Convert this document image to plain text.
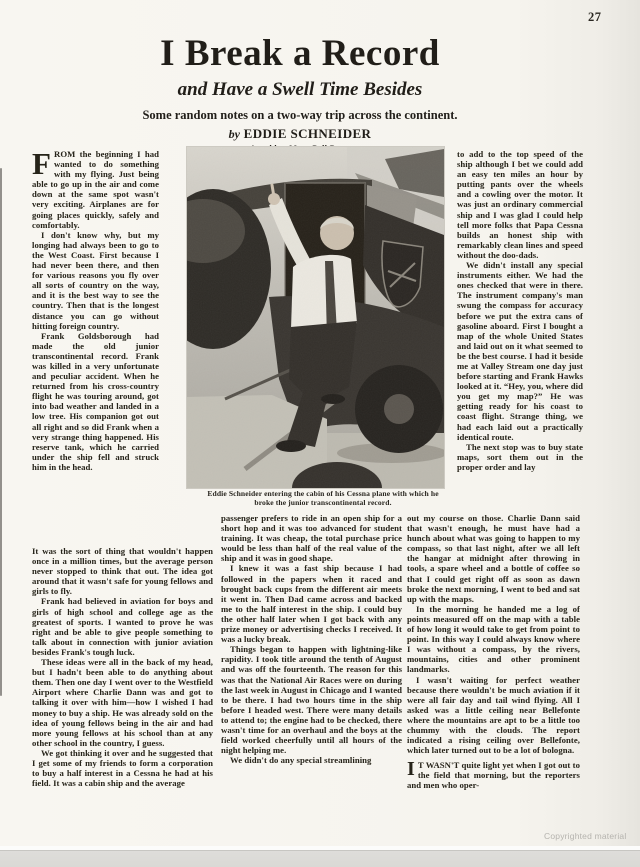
27
I Break a Record
and Have a Swell Time Besides
Some random notes on a two-way trip across the continent.
by EDDIE SCHNEIDER

FROM the beginning I had wanted to do something with my flying. Just being able to go up in the air and come down at the same spot wasn't very exciting. Airplanes are for going places quickly, safely and comfortably.

I don't know why, but my longing had always been to go to the West Coast. First because I had never been there, and then for various reasons you fly over all sorts of country on the way, and it is the best way to see the country. Then that is the longest distance you can go without hitting foreign country.

Frank Goldsborough had made the old junior transcontinental record. Frank was killed in a very unfortunate and peculiar accident. When he returned from his cross-country flight he was touring around, got into bad weather and landed in a low tree. His companion got out all right and so did Frank when a very strange thing happened. His reserve tank, which he carried under the ship fell and struck him in the head.

Eddie Schneider entering the cabin of his Cessna plane with which he
broke the junior transcontinental record.

It was the sort of thing that wouldn't happen once in a million times, but the average person never stopped to think that out. The idea got around that it wasn't safe for young fellows and girls to fly.

Frank had believed in aviation for boys and girls of high school and college age as the greatest of sports. I wanted to prove he was right and be able to give people something to talk about in connection with junior aviation besides Frank's tough luck.

These ideas were all in the back of my head, but I hadn't been able to do anything about them. Then one day I went over to the Westfield Airport where Charlie Dann was and got to talking it over with him—how I wished I had money to buy a ship. He was already sold on the idea of young fellows being in the air and had more young fellows at his school than at any other school in the country, I guess.

We got thinking it over and he suggested that I get some of my friends to form a corporation to buy a half interest in a Cessna he had at his field. It was a cabin ship and the average

passenger prefers to ride in an open ship for a short hop and it was too advanced for student training. It was cheap, the total purchase price would be less than half of the real value of the ship and it was in good shape.

I knew it was a fast ship because I had followed in the papers when it raced and brought back cups from the different air meets it went in. Then Dad came across and backed me to the half interest in the ship. I could buy the other half later when I got back with any prize money or advertising checks I received. It was a lucky break.

Things began to happen with lightning-like rapidity. I took title around the tenth of August and was off the fourteenth. The reason for this was that the National Air Races were on during the last week in August in Chicago and I wanted to be there. I had two hours time in the ship before I headed west. There were many details to attend to; the engine had to be checked, there wasn't time for an overhaul and the boys at the field worked cheerfully until all hours of the night helping me.

We didn't do any special streamlining

to add to the top speed of the ship although I bet we could add an easy ten miles an hour by putting pants over the wheels and a cowling over the motor. It was just an ordinary commercial ship and I was glad I could help tell more folks that Papa Cessna builds an honest ship with remarkably clean lines and speed without the doo-dads.

We didn't install any special instruments either. We had the ones checked that were in there. The instrument company's man swung the compass for accuracy before we put the extra cans of gasoline aboard. First I bought a map of the whole United States and laid out on it what seemed to be the best course. I had it beside me at Valley Stream one day just before starting and Frank Hawks looked at it. “Hey, you, where did you get my map?” He was getting ready for his coast to coast flight. Strange thing, we had each laid out a practically identical route.

The next stop was to buy state maps, sort them out in the proper order and lay

out my course on those. Charlie Dann said that wasn't enough, he must have had a hunch about what was going to happen to my compass, so that last night, after we all left the hangar at midnight after throwing in tools, a spare wheel and a bottle of coffee so that I could get right off as soon as dawn broke the next morning, I went to bed and sat up with the maps.

In the morning he handed me a log of points measured off on the map with a table of how long it would take to get from point to point. In this way I could always know where I was without a compass, by the rivers, mountains, cities and other prominent landmarks.

I wasn't waiting for perfect weather because there wouldn't be much aviation if it were all fair day and tail wind flying. All I asked was a little ceiling near Bellefonte where the mountains are apt to be a little too chummy with the clouds. The report indicated a rising ceiling over Bellefonte, which later turned out to be a lot of bologna.

I T WASN'T quite light yet when I got out to the field that morning, but the reporters and men who oper-

Copyrighted material
